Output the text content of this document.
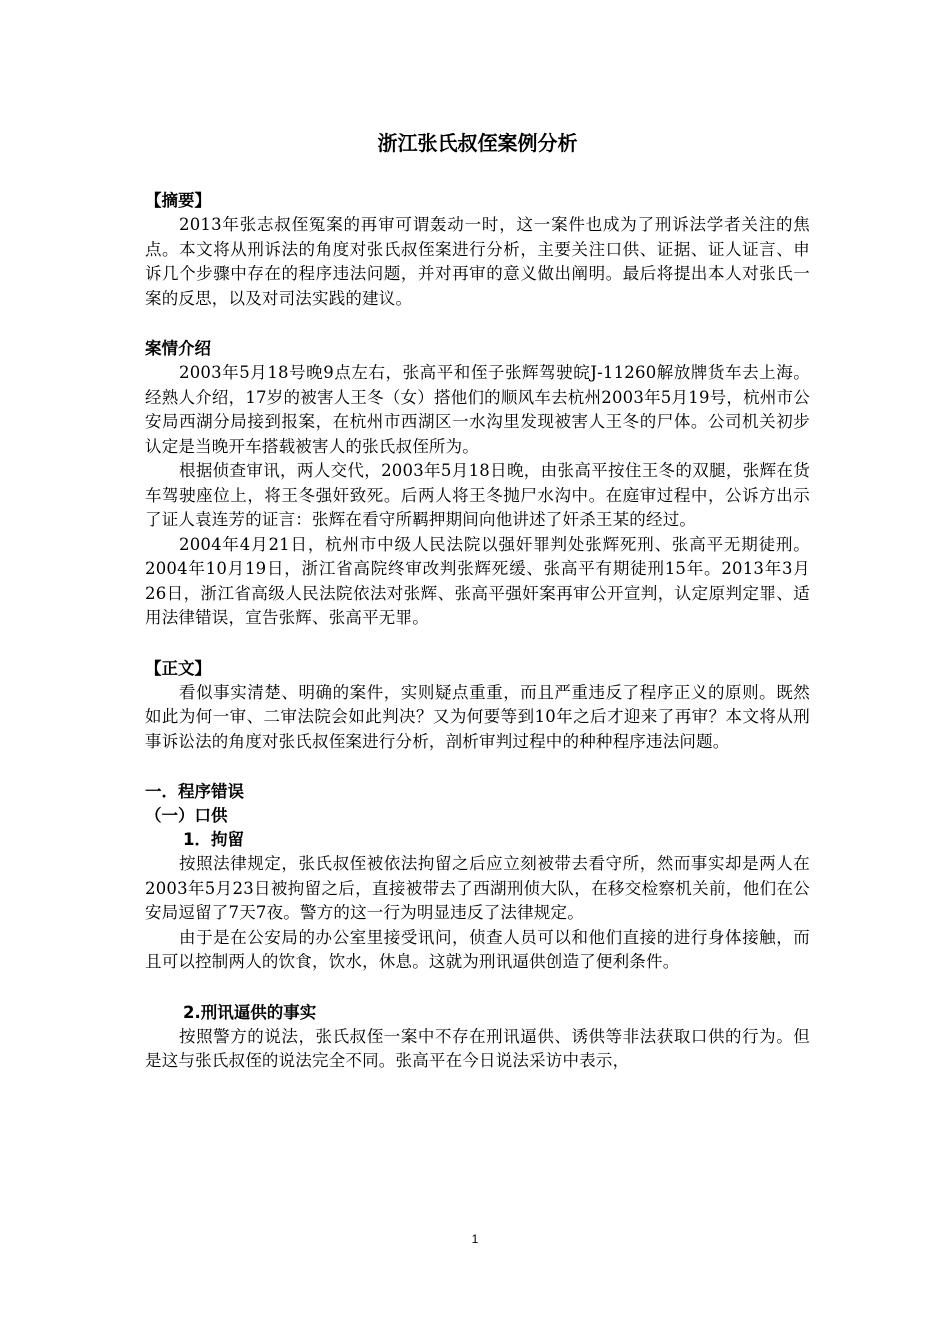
浙江张氏叔侄案例分析
【摘要】

2013年张志叔侄冤案的再审可谓轰动一时，这一案件也成为了刑诉法学者关注的焦点。本文将从刑诉法的角度对张氏叔侄案进行分析，主要关注口供、证据、证人证言、申诉几个步骤中存在的程序违法问题，并对再审的意义做出阐明。最后将提出本人对张氏一案的反思，以及对司法实践的建议。

案情介绍

2003年5月18号晚9点左右，张高平和侄子张辉驾驶皖J-11260解放牌货车去上海。经熟人介绍，17岁的被害人王冬（女）搭他们的顺风车去杭州2003年5月19号，杭州市公安局西湖分局接到报案，在杭州市西湖区一水沟里发现被害人王冬的尸体。公司机关初步认定是当晚开车搭载被害人的张氏叔侄所为。

根据侦查审讯，两人交代，2003年5月18日晚，由张高平按住王冬的双腿，张辉在货车驾驶座位上，将王冬强奸致死。后两人将王冬抛尸水沟中。在庭审过程中，公诉方出示了证人袁连芳的证言：张辉在看守所羁押期间向他讲述了奸杀王某的经过。

2004年4月21日，杭州市中级人民法院以强奸罪判处张辉死刑、张高平无期徒刑。2004年10月19日，浙江省高院终审改判张辉死缓、张高平有期徒刑15年。2013年3月26日，浙江省高级人民法院依法对张辉、张高平强奸案再审公开宣判，认定原判定罪、适用法律错误，宣告张辉、张高平无罪。

【正文】

看似事实清楚、明确的案件，实则疑点重重，而且严重违反了程序正义的原则。既然如此为何一审、二审法院会如此判决？又为何要等到10年之后才迎来了再审？本文将从刑事诉讼法的角度对张氏叔侄案进行分析，剖析审判过程中的种种程序违法问题。

一．程序错误
（一）口供
1．拘留

按照法律规定，张氏叔侄被依法拘留之后应立刻被带去看守所，然而事实却是两人在2003年5月23日被拘留之后，直接被带去了西湖刑侦大队，在移交检察机关前，他们在公安局逗留了7天7夜。警方的这一行为明显违反了法律规定。

由于是在公安局的办公室里接受讯问，侦查人员可以和他们直接的进行身体接触，而且可以控制两人的饮食，饮水，休息。这就为刑讯逼供创造了便利条件。

2.刑讯逼供的事实

按照警方的说法，张氏叔侄一案中不存在刑讯逼供、诱供等非法获取口供的行为。但是这与张氏叔侄的说法完全不同。张高平在今日说法采访中表示，

1
